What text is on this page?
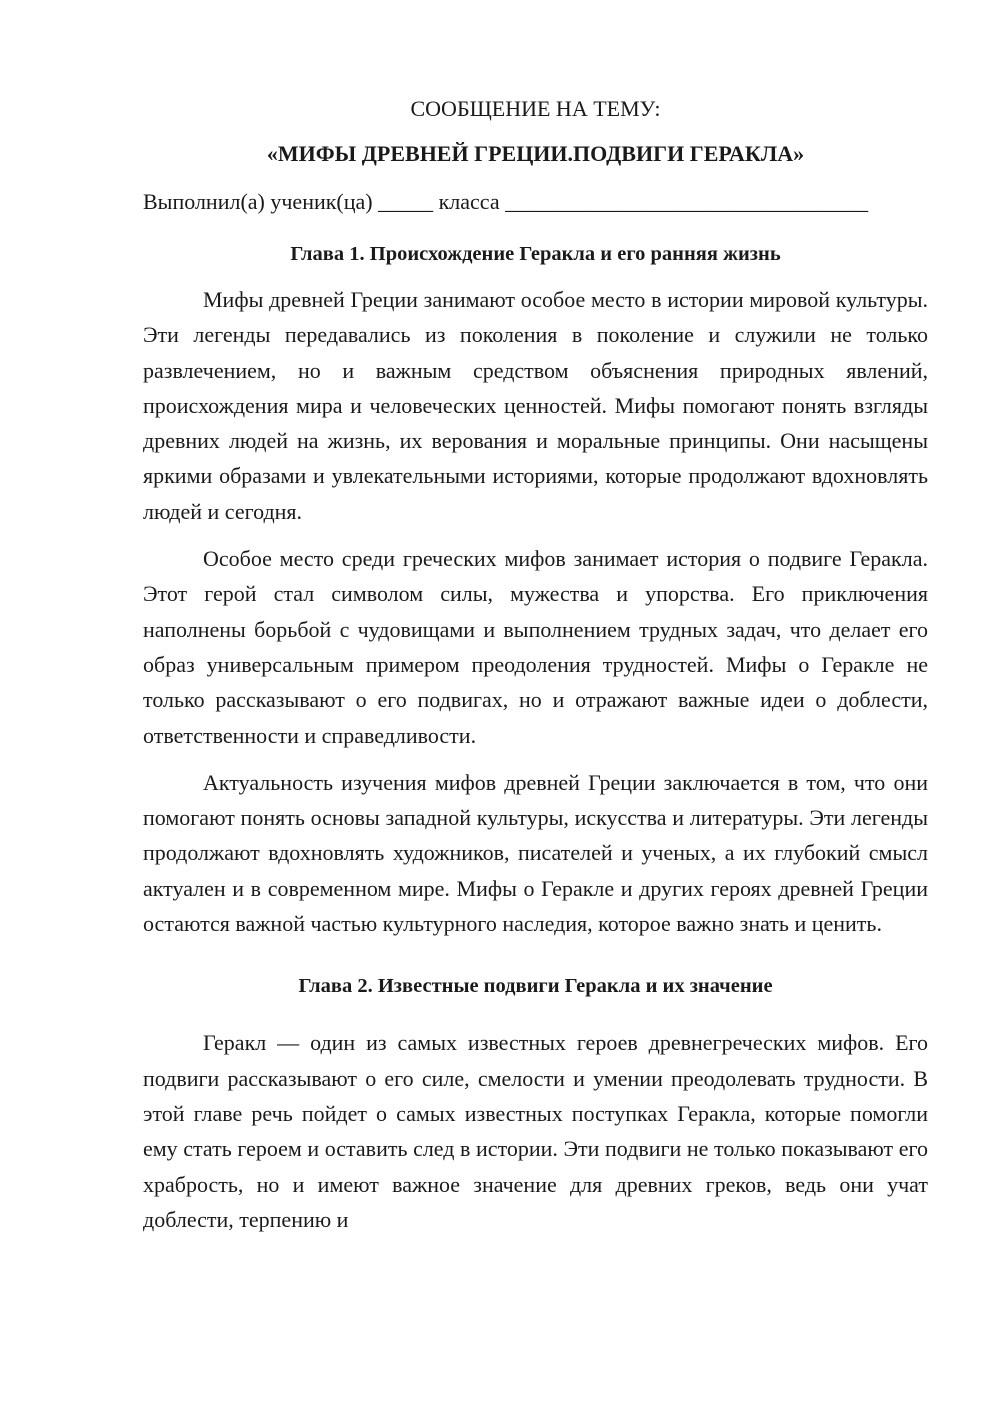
СООБЩЕНИЕ НА ТЕМУ:

«МИФЫ ДРЕВНЕЙ ГРЕЦИИ.ПОДВИГИ ГЕРАКЛА»

Выполнил(а) ученик(ца) _____ класса _________________________________

Глава 1. Происхождение Геракла и его ранняя жизнь

Мифы древней Греции занимают особое место в истории мировой культуры. Эти легенды передавались из поколения в поколение и служили не только развлечением, но и важным средством объяснения природных явлений, происхождения мира и человеческих ценностей. Мифы помогают понять взгляды древних людей на жизнь, их верования и моральные принципы. Они насыщены яркими образами и увлекательными историями, которые продолжают вдохновлять людей и сегодня.

Особое место среди греческих мифов занимает история о подвиге Геракла. Этот герой стал символом силы, мужества и упорства. Его приключения наполнены борьбой с чудовищами и выполнением трудных задач, что делает его образ универсальным примером преодоления трудностей. Мифы о Геракле не только рассказывают о его подвигах, но и отражают важные идеи о доблести, ответственности и справедливости.

Актуальность изучения мифов древней Греции заключается в том, что они помогают понять основы западной культуры, искусства и литературы. Эти легенды продолжают вдохновлять художников, писателей и ученых, а их глубокий смысл актуален и в современном мире. Мифы о Геракле и других героях древней Греции остаются важной частью культурного наследия, которое важно знать и ценить.

Глава 2. Известные подвиги Геракла и их значение

Геракл — один из самых известных героев древнегреческих мифов. Его подвиги рассказывают о его силе, смелости и умении преодолевать трудности. В этой главе речь пойдет о самых известных поступках Геракла, которые помогли ему стать героем и оставить след в истории. Эти подвиги не только показывают его храбрость, но и имеют важное значение для древних греков, ведь они учат доблести, терпению и
